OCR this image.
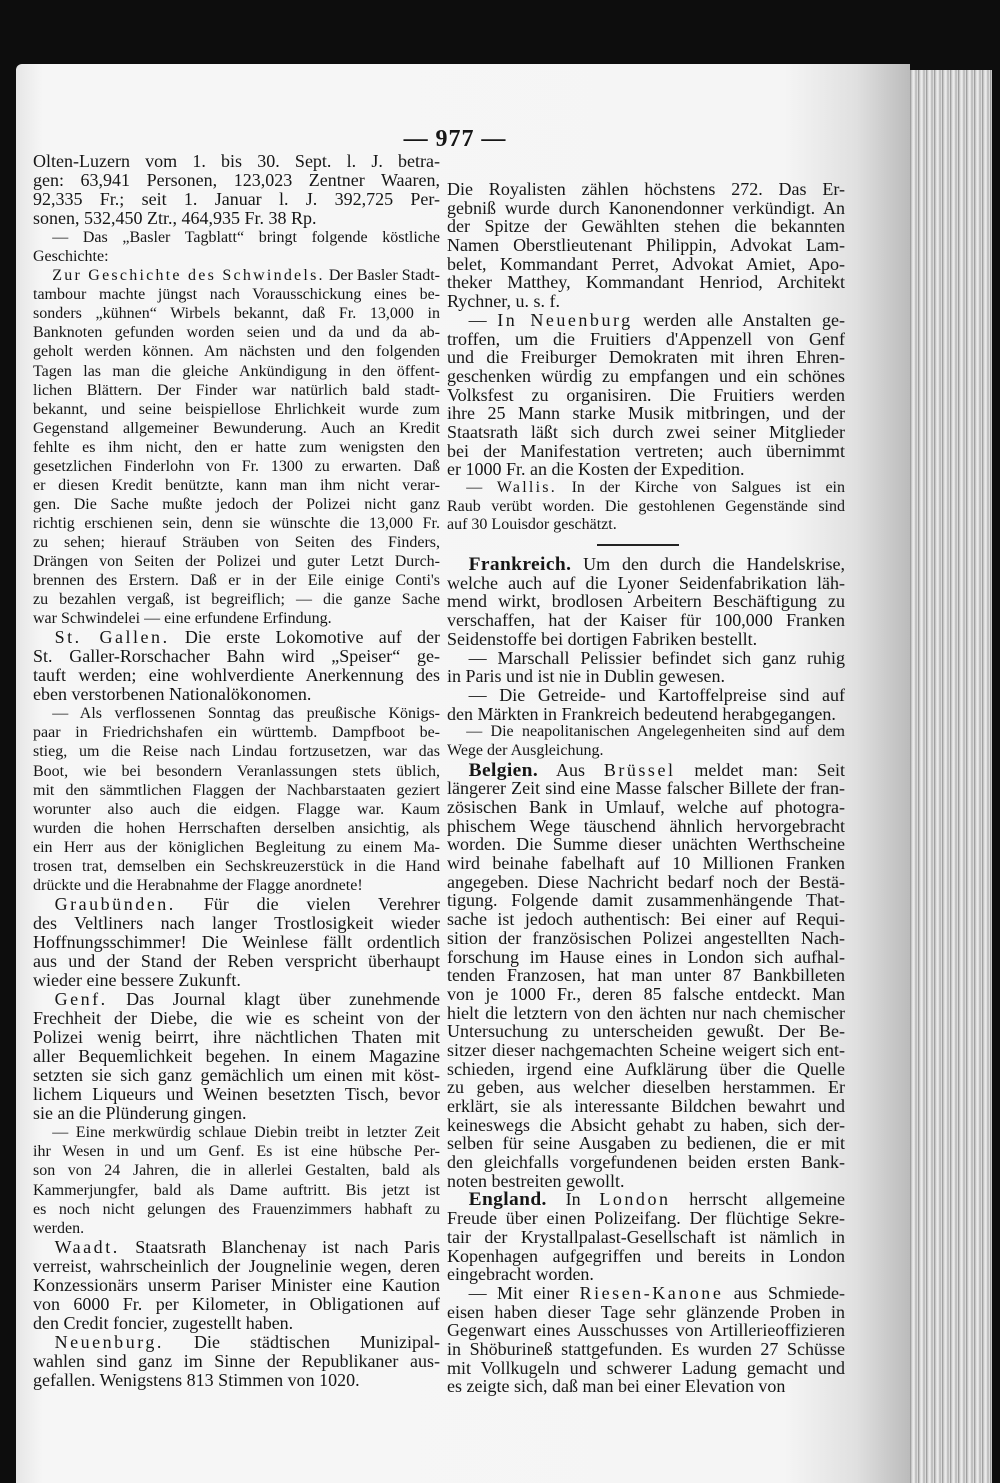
— 977 —
Olten-Luzern vom 1. bis 30. Sept. l. J. betra-
gen: 63,941 Personen, 123,023 Zentner Waaren,
92,335 Fr.; seit 1. Januar l. J. 392,725 Per-
sonen, 532,450 Ztr., 464,935 Fr. 38 Rp.
— Das „Basler Tagblatt“ bringt folgende köstliche
Geschichte:
Zur Geschichte des Schwindels. Der Basler Stadt-
tambour machte jüngst nach Vorausschickung eines be-
sonders „kühnen“ Wirbels bekannt, daß Fr. 13,000 in
Banknoten gefunden worden seien und da und da ab-
geholt werden können. Am nächsten und den folgenden
Tagen las man die gleiche Ankündigung in den öffent-
lichen Blättern. Der Finder war natürlich bald stadt-
bekannt, und seine beispiellose Ehrlichkeit wurde zum
Gegenstand allgemeiner Bewunderung. Auch an Kredit
fehlte es ihm nicht, den er hatte zum wenigsten den
gesetzlichen Finderlohn von Fr. 1300 zu erwarten. Daß
er diesen Kredit benützte, kann man ihm nicht verar-
gen. Die Sache mußte jedoch der Polizei nicht ganz
richtig erschienen sein, denn sie wünschte die 13,000 Fr.
zu sehen; hierauf Sträuben von Seiten des Finders,
Drängen von Seiten der Polizei und guter Letzt Durch-
brennen des Erstern. Daß er in der Eile einige Conti's
zu bezahlen vergaß, ist begreiflich; — die ganze Sache
war Schwindelei — eine erfundene Erfindung.
St. Gallen. Die erste Lokomotive auf der
St. Galler-Rorschacher Bahn wird „Speiser“ ge-
tauft werden; eine wohlverdiente Anerkennung des
eben verstorbenen Nationalökonomen.
— Als verflossenen Sonntag das preußische Königs-
paar in Friedrichshafen ein württemb. Dampfboot be-
stieg, um die Reise nach Lindau fortzusetzen, war das
Boot, wie bei besondern Veranlassungen stets üblich,
mit den sämmtlichen Flaggen der Nachbarstaaten geziert
worunter also auch die eidgen. Flagge war. Kaum
wurden die hohen Herrschaften derselben ansichtig, als
ein Herr aus der königlichen Begleitung zu einem Ma-
trosen trat, demselben ein Sechskreuzerstück in die Hand
drückte und die Herabnahme der Flagge anordnete!
Graubünden. Für die vielen Verehrer
des Veltliners nach langer Trostlosigkeit wieder
Hoffnungsschimmer! Die Weinlese fällt ordentlich
aus und der Stand der Reben verspricht überhaupt
wieder eine bessere Zukunft.
Genf. Das Journal klagt über zunehmende
Frechheit der Diebe, die wie es scheint von der
Polizei wenig beirrt, ihre nächtlichen Thaten mit
aller Bequemlichkeit begehen. In einem Magazine
setzten sie sich ganz gemächlich um einen mit köst-
lichem Liqueurs und Weinen besetzten Tisch, bevor
sie an die Plünderung gingen.
— Eine merkwürdig schlaue Diebin treibt in letzter Zeit
ihr Wesen in und um Genf. Es ist eine hübsche Per-
son von 24 Jahren, die in allerlei Gestalten, bald als
Kammerjungfer, bald als Dame auftritt. Bis jetzt ist
es noch nicht gelungen des Frauenzimmers habhaft zu
werden.
Waadt. Staatsrath Blanchenay ist nach Paris
verreist, wahrscheinlich der Jougnelinie wegen, deren
Konzessionärs unserm Pariser Minister eine Kaution
von 6000 Fr. per Kilometer, in Obligationen auf
den Credit foncier, zugestellt haben.
Neuenburg. Die städtischen Munizipal-
wahlen sind ganz im Sinne der Republikaner aus-
gefallen. Wenigstens 813 Stimmen von 1020.
Die Royalisten zählen höchstens 272. Das Er-
gebniß wurde durch Kanonendonner verkündigt. An
der Spitze der Gewählten stehen die bekannten
Namen Oberstlieutenant Philippin, Advokat Lam-
belet, Kommandant Perret, Advokat Amiet, Apo-
theker Matthey, Kommandant Henriod, Architekt
Rychner, u. s. f.
— In Neuenburg werden alle Anstalten ge-
troffen, um die Fruitiers d'Appenzell von Genf
und die Freiburger Demokraten mit ihren Ehren-
geschenken würdig zu empfangen und ein schönes
Volksfest zu organisiren. Die Fruitiers werden
ihre 25 Mann starke Musik mitbringen, und der
Staatsrath läßt sich durch zwei seiner Mitglieder
bei der Manifestation vertreten; auch übernimmt
er 1000 Fr. an die Kosten der Expedition.
— Wallis. In der Kirche von Salgues ist ein
Raub verübt worden. Die gestohlenen Gegenstände sind
auf 30 Louisdor geschätzt.
Frankreich. Um den durch die Handelskrise,
welche auch auf die Lyoner Seidenfabrikation läh-
mend wirkt, brodlosen Arbeitern Beschäftigung zu
verschaffen, hat der Kaiser für 100,000 Franken
Seidenstoffe bei dortigen Fabriken bestellt.
— Marschall Pelissier befindet sich ganz ruhig
in Paris und ist nie in Dublin gewesen.
— Die Getreide- und Kartoffelpreise sind auf
den Märkten in Frankreich bedeutend herabgegangen.
— Die neapolitanischen Angelegenheiten sind auf dem
Wege der Ausgleichung.
Belgien. Aus Brüssel meldet man: Seit
längerer Zeit sind eine Masse falscher Billete der fran-
zösischen Bank in Umlauf, welche auf photogra-
phischem Wege täuschend ähnlich hervorgebracht
worden. Die Summe dieser unächten Werthscheine
wird beinahe fabelhaft auf 10 Millionen Franken
angegeben. Diese Nachricht bedarf noch der Bestä-
tigung. Folgende damit zusammenhängende That-
sache ist jedoch authentisch: Bei einer auf Requi-
sition der französischen Polizei angestellten Nach-
forschung im Hause eines in London sich aufhal-
tenden Franzosen, hat man unter 87 Bankbilleten
von je 1000 Fr., deren 85 falsche entdeckt. Man
hielt die letztern von den ächten nur nach chemischer
Untersuchung zu unterscheiden gewußt. Der Be-
sitzer dieser nachgemachten Scheine weigert sich ent-
schieden, irgend eine Aufklärung über die Quelle
zu geben, aus welcher dieselben herstammen. Er
erklärt, sie als interessante Bildchen bewahrt und
keineswegs die Absicht gehabt zu haben, sich der-
selben für seine Ausgaben zu bedienen, die er mit
den gleichfalls vorgefundenen beiden ersten Bank-
noten bestreiten gewollt.
England. In London herrscht allgemeine
Freude über einen Polizeifang. Der flüchtige Sekre-
tair der Krystallpalast-Gesellschaft ist nämlich in
Kopenhagen aufgegriffen und bereits in London
eingebracht worden.
— Mit einer Riesen-Kanone aus Schmiede-
eisen haben dieser Tage sehr glänzende Proben in
Gegenwart eines Ausschusses von Artillerieoffizieren
in Shöburineß stattgefunden. Es wurden 27 Schüsse
mit Vollkugeln und schwerer Ladung gemacht und
es zeigte sich, daß man bei einer Elevation von
